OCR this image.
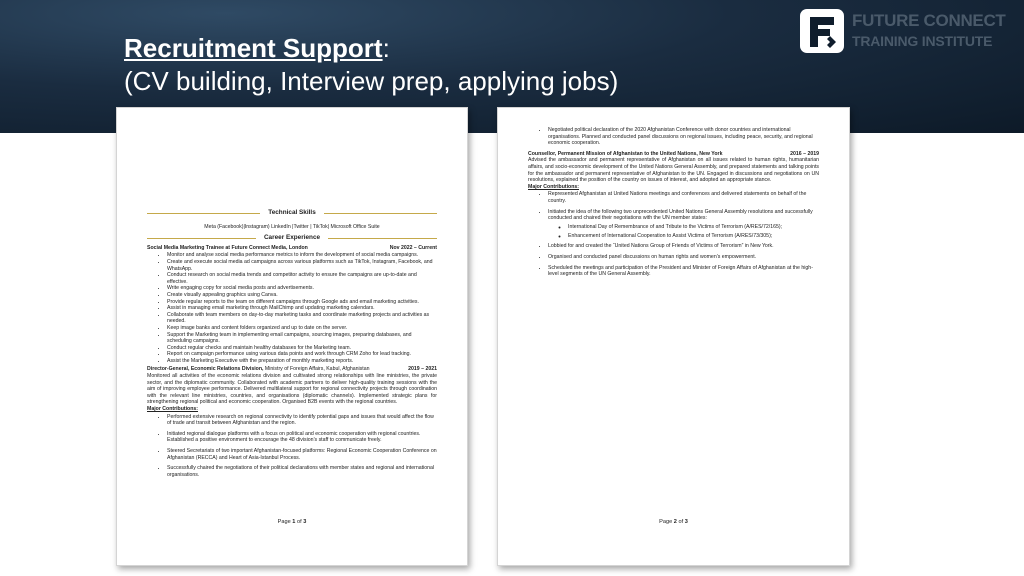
Recruitment Support:
(CV building, Interview prep, applying jobs)
FUTURE CONNECT
TRAINING INSTITUTE
Technical Skills

Meta (Facebook)|Instagram) LinkedIn |Twitter | TikTok| Microsoft Office Suite

Career Experience
Social Media Marketing Trainee at Future Connect Media, London	Nov 2022 – Current
• Monitor and analyse social media performance metrics to inform the development of social media campaigns.
• Create and execute social media ad campaigns across various platforms such as TikTok, Instagram, Facebook, and WhatsApp.
• Conduct research on social media trends and competitor activity to ensure the campaigns are up-to-date and effective.
• Write engaging copy for social media posts and advertisements.
• Create visually appealing graphics using Canva.
• Provide regular reports to the team on different campaigns through Google ads and email marketing activities.
• Assist in managing email marketing through MailChimp and updating marketing calendars.
• Collaborate with team members on day-to-day marketing tasks and coordinate marketing projects and activities as needed.
• Keep image banks and content folders organized and up to date on the server.
• Support the Marketing team in implementing email campaigns, sourcing images, preparing databases, and scheduling campaigns.
• Conduct regular checks and maintain healthy databases for the Marketing team.
• Report on campaign performance using various data points and work through CRM Zoho for lead tracking.
• Assist the Marketing Executive with the preparation of monthly marketing reports.
Director-General, Economic Relations Division, Ministry of Foreign Affairs, Kabul, Afghanistan	2019 – 2021

Monitored all activities of the economic relations division and cultivated strong relationships with line ministries, the private sector, and the diplomatic community. Collaborated with academic partners to deliver high-quality training sessions with the aim of improving employee performance. Delivered multilateral support for regional connectivity projects through coordination with the relevant line ministries, countries, and organisations (diplomatic channels). Implemented strategic plans for strengthening regional political and economic cooperation. Organised B2B events with the regional countries.

Major Contributions:

• Performed extensive research on regional connectivity to identify potential gaps and issues that would affect the flow of trade and transit between Afghanistan and the region.
• Initiated regional dialogue platforms with a focus on political and economic cooperation with regional countries. Established a positive environment to encourage the 48 division’s staff to communicate freely.
• Steered Secretariats of two important Afghanistan-focused platforms: Regional Economic Cooperation Conference on Afghanistan (RECCA) and Heart of Asia-Istanbul Process.
• Successfully chaired the negotiations of their political declarations with member states and regional and international organisations.
Page 1 of 3
• Negotiated political declaration of the 2020 Afghanistan Conference with donor countries and international organisations. Planned and conducted panel discussions on regional issues, including peace, security, and regional economic cooperation.
Counsellor, Permanent Mission of Afghanistan to the United Nations, New York	2016 – 2019

Advised the ambassador and permanent representative of Afghanistan on all issues related to human rights, humanitarian affairs, and socio-economic development of the United Nations General Assembly, and prepared statements and talking points for the ambassador and permanent representative of Afghanistan to the UN. Engaged in discussions and negotiations on UN resolutions, explained the position of the country on issues of interest, and adopted an appropriate stance.

Major Contributions:

• Represented Afghanistan at United Nations meetings and conferences and delivered statements on behalf of the country.
• Initiated the idea of the following two unprecedented United Nations General Assembly resolutions and successfully conducted and chaired their negotiations with the UN member states:
◦ International Day of Remembrance of and Tribute to the Victims of Terrorism (A/RES/72/165);
◦ Enhancement of International Cooperation to Assist Victims of Terrorism (A/RES/73/305);
• Lobbied for and created the “United Nations Group of Friends of Victims of Terrorism” in New York.
• Organised and conducted panel discussions on human rights and women’s empowerment.
• Scheduled the meetings and participation of the President and Minister of Foreign Affairs of Afghanistan at the high-level segments of the UN General Assembly.
Page 2 of 3
